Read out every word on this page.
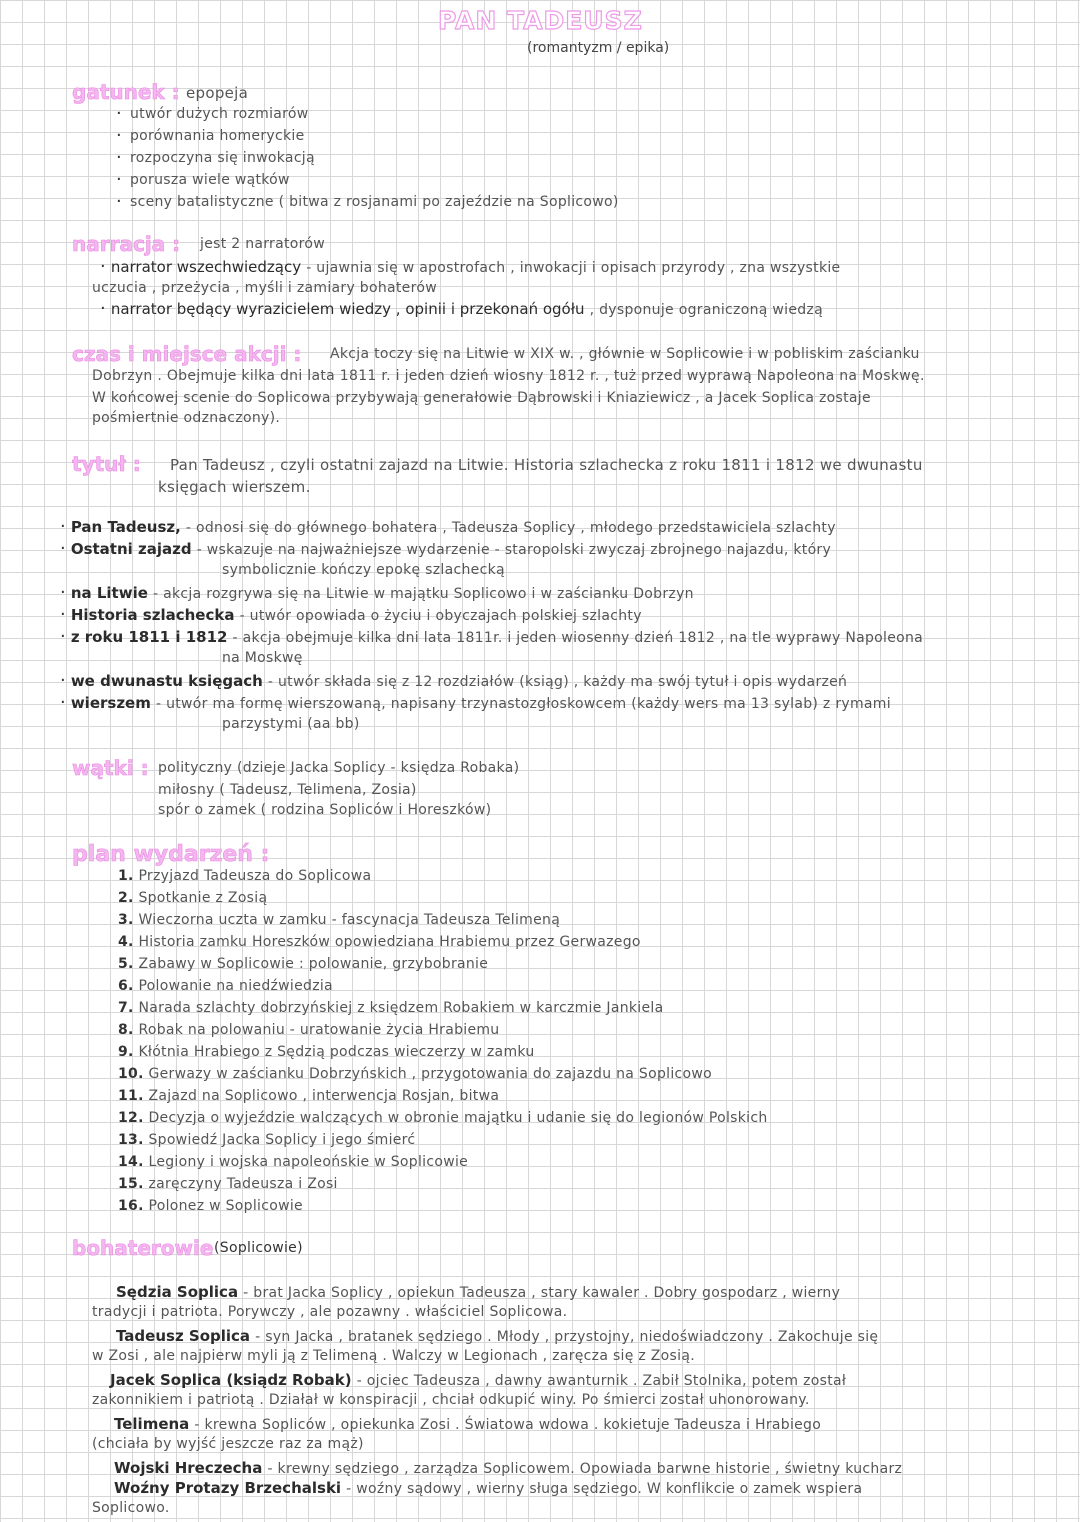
PAN TADEUSZ
(romantyzm / epika)
gatunek : epopeja
· utwór dużych rozmiarów
· porównania homeryckie
· rozpoczyna się inwokacją
· porusza wiele wątków
· sceny batalistyczne ( bitwa z rosjanami po zajeździe na Soplicowo)
narracja : jest 2 narratorów
· narrator wszechwiedzący - ujawnia się w apostrofach , inwokacji i opisach przyrody , zna wszystkie
uczucia , przeżycia , myśli i zamiary bohaterów
· narrator będący wyrazicielem wiedzy , opinii i przekonań ogółu , dysponuje ograniczoną wiedzą
czas i miejsce akcji : Akcja toczy się na Litwie w XIX w. , głównie w Soplicowie i w pobliskim zaścianku
Dobrzyn . Obejmuje kilka dni lata 1811 r. i jeden dzień wiosny 1812 r. , tuż przed wyprawą Napoleona na Moskwę.
W końcowej scenie do Soplicowa przybywają generałowie Dąbrowski i Kniaziewicz , a Jacek Soplica zostaje
pośmiertnie odznaczony).
tytuł : Pan Tadeusz , czyli ostatni zajazd na Litwie. Historia szlachecka z roku 1811 i 1812 we dwunastu
księgach wierszem.
· Pan Tadeusz, - odnosi się do głównego bohatera , Tadeusza Soplicy , młodego przedstawiciela szlachty
· Ostatni zajazd - wskazuje na najważniejsze wydarzenie - staropolski zwyczaj zbrojnego najazdu, który
symbolicznie kończy epokę szlachecką
· na Litwie - akcja rozgrywa się na Litwie w majątku Soplicowo i w zaścianku Dobrzyn
· Historia szlachecka - utwór opowiada o życiu i obyczajach polskiej szlachty
· z roku 1811 i 1812 - akcja obejmuje kilka dni lata 1811r. i jeden wiosenny dzień 1812 , na tle wyprawy Napoleona
na Moskwę
· we dwunastu księgach - utwór składa się z 12 rozdziałów (ksiąg) , każdy ma swój tytuł i opis wydarzeń
· wierszem - utwór ma formę wierszowaną, napisany trzynastozgłoskowcem (każdy wers ma 13 sylab) z rymami
parzystymi (aa bb)
wątki : polityczny (dzieje Jacka Soplicy - księdza Robaka)
miłosny ( Tadeusz, Telimena, Zosia)
spór o zamek ( rodzina Sopliców i Horeszków)
plan wydarzeń :
1. Przyjazd Tadeusza do Soplicowa
2. Spotkanie z Zosią
3. Wieczorna uczta w zamku - fascynacja Tadeusza Telimeną
4. Historia zamku Horeszków opowiedziana Hrabiemu przez Gerwazego
5. Zabawy w Soplicowie : polowanie, grzybobranie
6. Polowanie na niedźwiedzia
7. Narada szlachty dobrzyńskiej z księdzem Robakiem w karczmie Jankiela
8. Robak na polowaniu - uratowanie życia Hrabiemu
9. Kłótnia Hrabiego z Sędzią podczas wieczerzy w zamku
10. Gerwazy w zaścianku Dobrzyńskich , przygotowania do zajazdu na Soplicowo
11. Zajazd na Soplicowo , interwencja Rosjan, bitwa
12. Decyzja o wyjeździe walczących w obronie majątku i udanie się do legionów Polskich
13. Spowiedź Jacka Soplicy i jego śmierć
14. Legiony i wojska napoleońskie w Soplicowie
15. zaręczyny Tadeusza i Zosi
16. Polonez w Soplicowie
bohaterowie (Soplicowie)
Sędzia Soplica - brat Jacka Soplicy , opiekun Tadeusza , stary kawaler . Dobry gospodarz , wierny
tradycji i patriota. Porywczy , ale pozawny . właściciel Soplicowa.
Tadeusz Soplica - syn Jacka , bratanek sędziego . Młody , przystojny, niedoświadczony . Zakochuje się
w Zosi , ale najpierw myli ją z Telimeną . Walczy w Legionach , zaręcza się z Zosią.
Jacek Soplica (ksiądz Robak) - ojciec Tadeusza , dawny awanturnik . Zabił Stolnika, potem został
zakonnikiem i patriotą . Działał w konspiracji , chciał odkupić winy. Po śmierci został uhonorowany.
Telimena - krewna Sopliców , opiekunka Zosi . Światowa wdowa . kokietuje Tadeusza i Hrabiego
(chciała by wyjść jeszcze raz za mąż)
Wojski Hreczecha - krewny sędziego , zarządza Soplicowem. Opowiada barwne historie , świetny kucharz
Woźny Protazy Brzechalski - woźny sądowy , wierny sługa sędziego. W konflikcie o zamek wspiera
Soplicowo.
